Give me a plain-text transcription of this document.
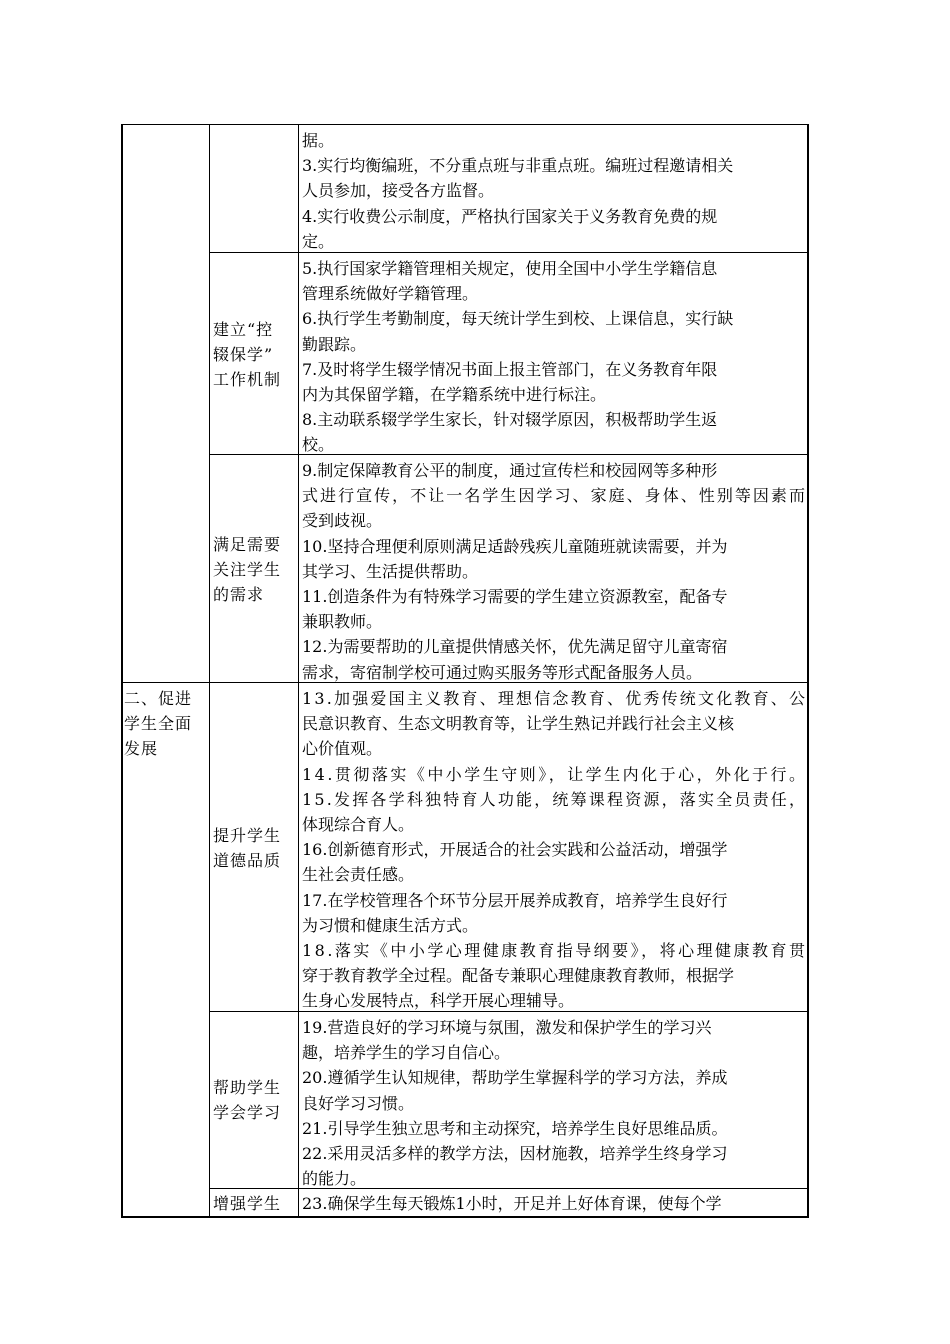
二、促进
学生全面
发展
建立“控
辍保学”
工作机制
满足需要
关注学生
的需求
提升学生
道德品质
帮助学生
学会学习
增强学生
据。
3.实行均衡编班，不分重点班与非重点班。编班过程邀请相关
人员参加，接受各方监督。
4.实行收费公示制度，严格执行国家关于义务教育免费的规
定。
5.执行国家学籍管理相关规定，使用全国中小学生学籍信息
管理系统做好学籍管理。
6.执行学生考勤制度，每天统计学生到校、上课信息，实行缺
勤跟踪。
7.及时将学生辍学情况书面上报主管部门，在义务教育年限
内为其保留学籍，在学籍系统中进行标注。
8.主动联系辍学学生家长，针对辍学原因，积极帮助学生返
校。
9.制定保障教育公平的制度，通过宣传栏和校园网等多种形
式进行宣传，不让一名学生因学习、家庭、身体、性别等因素而
受到歧视。
10.坚持合理便利原则满足适龄残疾儿童随班就读需要，并为
其学习、生活提供帮助。
11.创造条件为有特殊学习需要的学生建立资源教室，配备专
兼职教师。
12.为需要帮助的儿童提供情感关怀，优先满足留守儿童寄宿
需求，寄宿制学校可通过购买服务等形式配备服务人员。
13.加强爱国主义教育、理想信念教育、优秀传统文化教育、公
民意识教育、生态文明教育等，让学生熟记并践行社会主义核
心价值观。
14.贯彻落实《中小学生守则》，让学生内化于心，外化于行。
15.发挥各学科独特育人功能，统筹课程资源，落实全员责任，
体现综合育人。
16.创新德育形式，开展适合的社会实践和公益活动，增强学
生社会责任感。
17.在学校管理各个环节分层开展养成教育，培养学生良好行
为习惯和健康生活方式。
18.落实《中小学心理健康教育指导纲要》，将心理健康教育贯
穿于教育教学全过程。配备专兼职心理健康教育教师，根据学
生身心发展特点，科学开展心理辅导。
19.营造良好的学习环境与氛围，激发和保护学生的学习兴
趣，培养学生的学习自信心。
20.遵循学生认知规律，帮助学生掌握科学的学习方法，养成
良好学习习惯。
21.引导学生独立思考和主动探究，培养学生良好思维品质。
22.采用灵活多样的教学方法，因材施教，培养学生终身学习
的能力。
23.确保学生每天锻炼1小时，开足并上好体育课，使每个学
